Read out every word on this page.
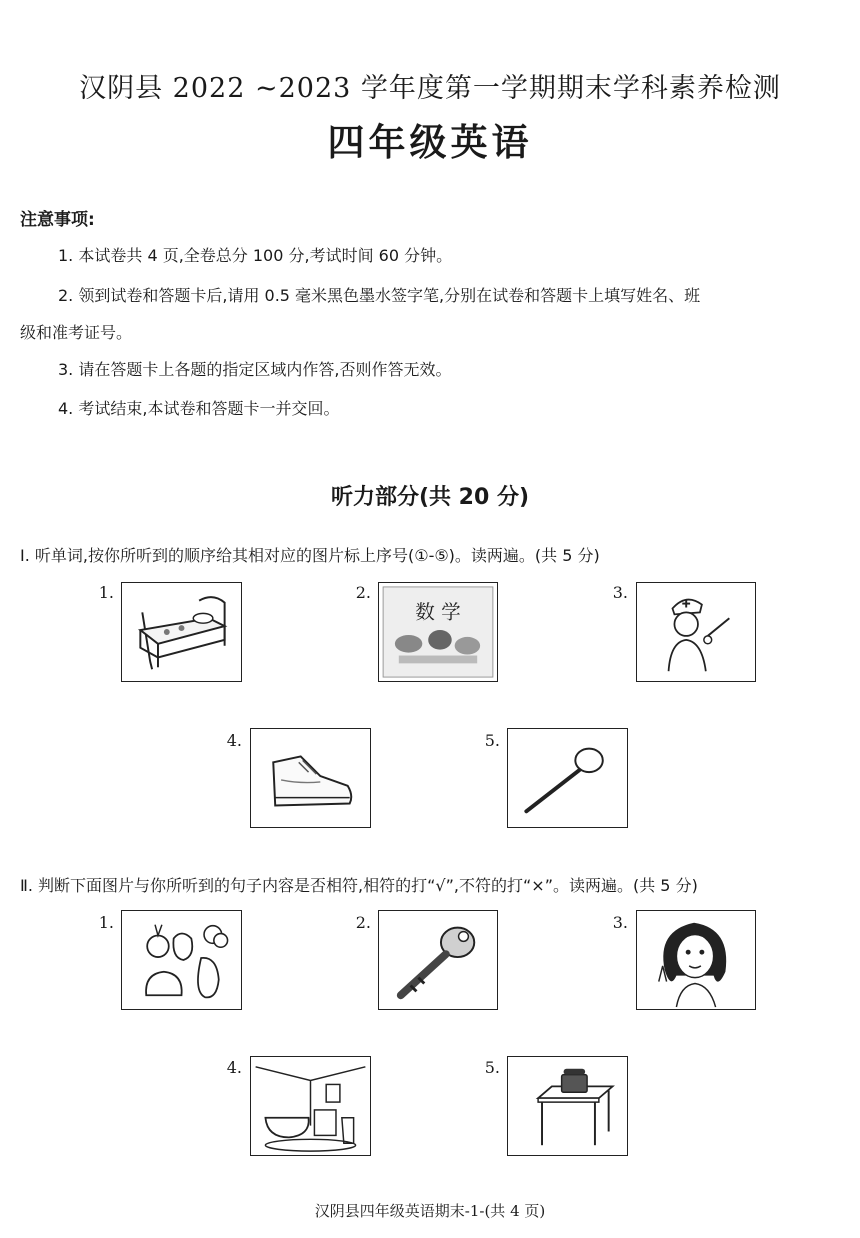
汉阴县 2022 ~2023 学年度第一学期期末学科素养检测
四年级英语
注意事项:
1. 本试卷共 4 页,全卷总分 100 分,考试时间 60 分钟。
2. 领到试卷和答题卡后,请用 0.5 毫米黑色墨水签字笔,分别在试卷和答题卡上填写姓名、班
级和准考证号。
3. 请在答题卡上各题的指定区域内作答,否则作答无效。
4. 考试结束,本试卷和答题卡一并交回。
听力部分(共 20 分)
Ⅰ. 听单词,按你所听到的顺序给其相对应的图片标上序号(①-⑤)。读两遍。(共 5 分)
1.	2.
数 学
3.
4.	5.
Ⅱ. 判断下面图片与你所听到的句子内容是否相符,相符的打“√”,不符的打“×”。读两遍。(共 5 分)
1.	2.	3.
4.	5.
汉阴县四年级英语期末-1-(共 4 页)
